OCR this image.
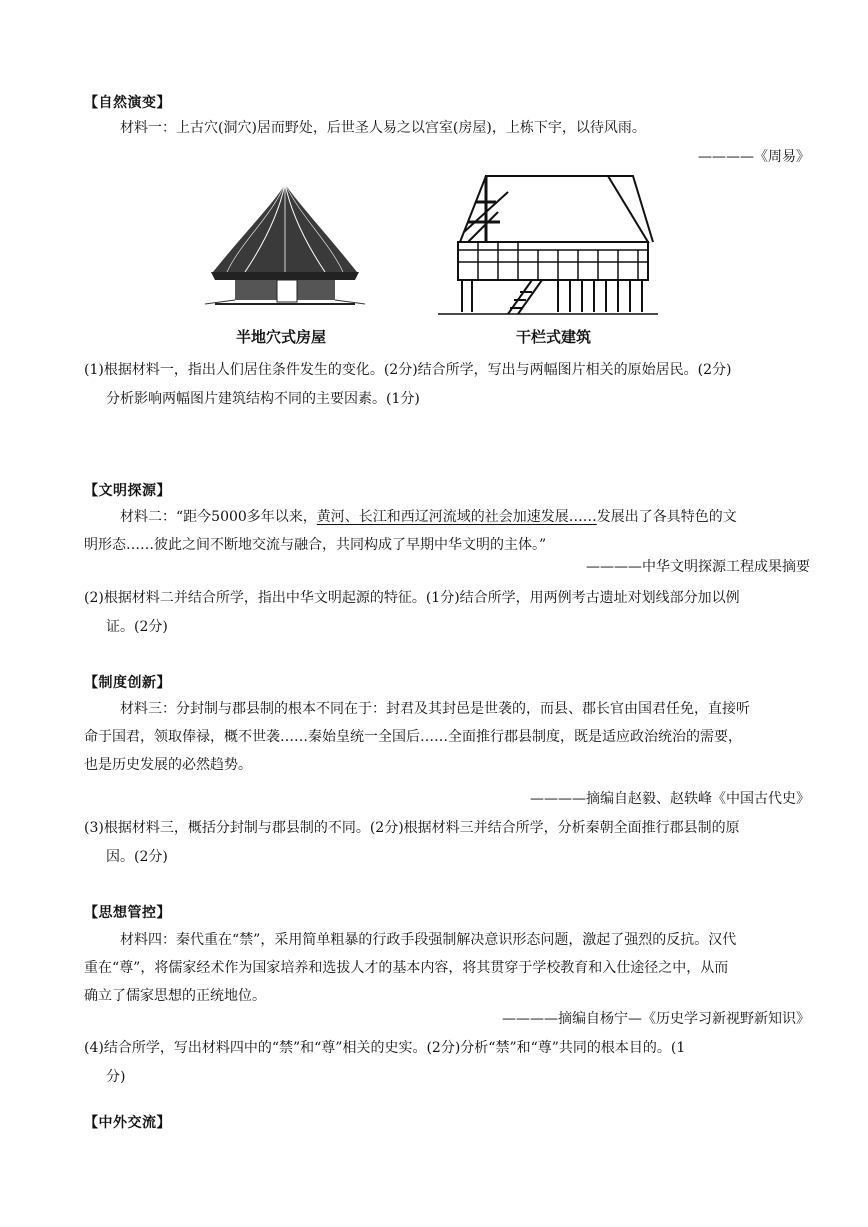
【自然演变】
材料一：上古穴(洞穴)居而野处，后世圣人易之以宫室(房屋)，上栋下宇，以待风雨。
————《周易》
半地穴式房屋	干栏式建筑
(1)根据材料一，指出人们居住条件发生的变化。(2分)结合所学，写出与两幅图片相关的原始居民。(2分)
分析影响两幅图片建筑结构不同的主要因素。(1分)
【文明探源】
材料二：“距今5000多年以来，黄河、长江和西辽河流域的社会加速发展……发展出了各具特色的文
明形态……彼此之间不断地交流与融合，共同构成了早期中华文明的主体。”
————中华文明探源工程成果摘要
(2)根据材料二并结合所学，指出中华文明起源的特征。(1分)结合所学，用两例考古遗址对划线部分加以例
证。(2分)
【制度创新】
材料三：分封制与郡县制的根本不同在于：封君及其封邑是世袭的，而县、郡长官由国君任免，直接听
命于国君，领取俸禄，概不世袭……秦始皇统一全国后……全面推行郡县制度，既是适应政治统治的需要，
也是历史发展的必然趋势。
————摘编自赵毅、赵轶峰《中国古代史》
(3)根据材料三，概括分封制与郡县制的不同。(2分)根据材料三并结合所学，分析秦朝全面推行郡县制的原
因。(2分)
【思想管控】
材料四：秦代重在“禁”，采用简单粗暴的行政手段强制解决意识形态问题，激起了强烈的反抗。汉代
重在“尊”，将儒家经术作为国家培养和选拔人才的基本内容，将其贯穿于学校教育和入仕途径之中，从而
确立了儒家思想的正统地位。
————摘编自杨宁—《历史学习新视野新知识》
(4)结合所学，写出材料四中的“禁”和“尊”相关的史实。(2分)分析“禁”和“尊”共同的根本目的。(1
分)
【中外交流】
